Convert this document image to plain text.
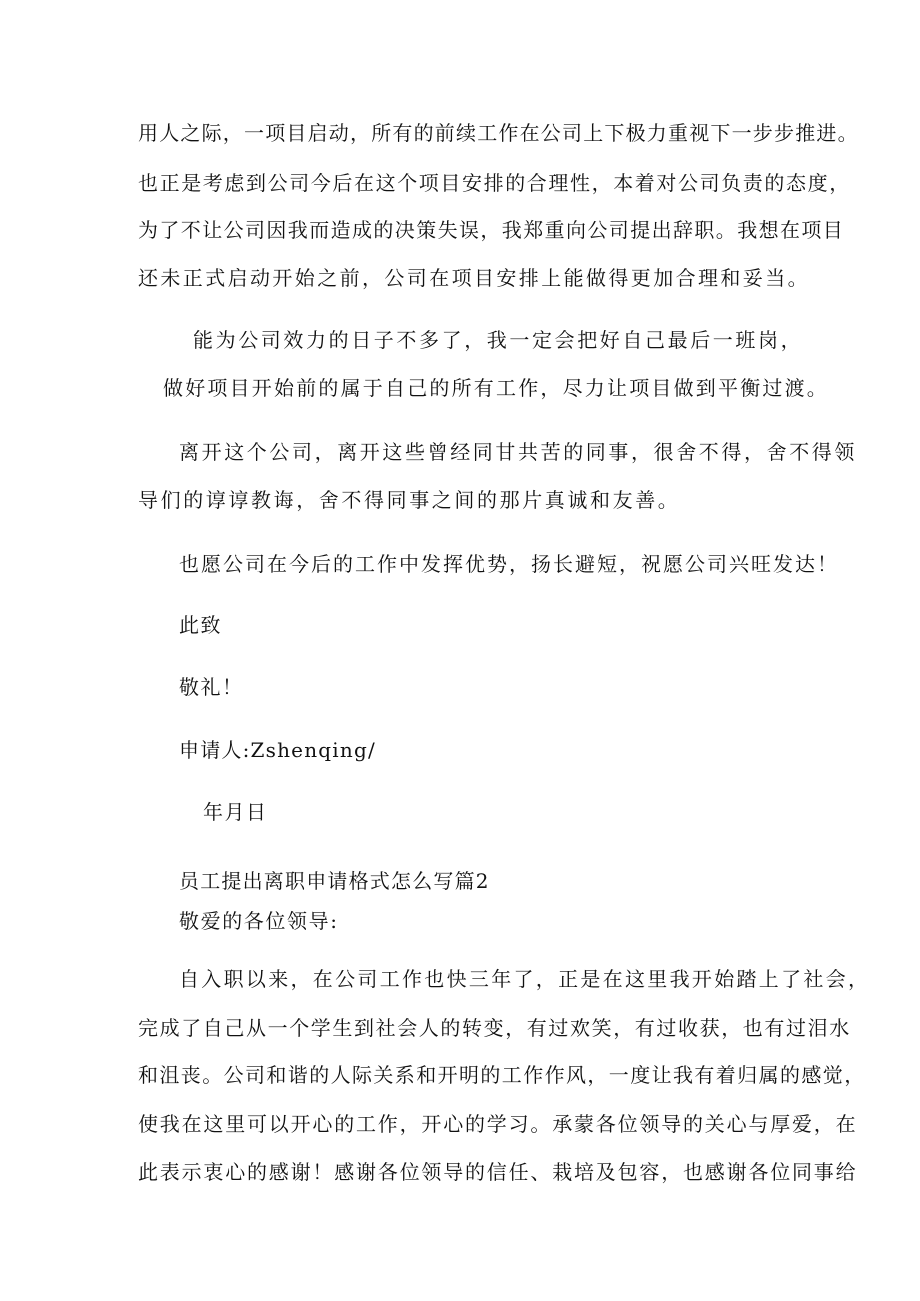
用人之际，一项目启动，所有的前续工作在公司上下极力重视下一步步推进。
也正是考虑到公司今后在这个项目安排的合理性，本着对公司负责的态度，
为了不让公司因我而造成的决策失误，我郑重向公司提出辞职。我想在项目
还未正式启动开始之前，公司在项目安排上能做得更加合理和妥当。
能为公司效力的日子不多了，我一定会把好自己最后一班岗，
做好项目开始前的属于自己的所有工作，尽力让项目做到平衡过渡。
离开这个公司，离开这些曾经同甘共苦的同事，很舍不得，舍不得领
导们的谆谆教诲，舍不得同事之间的那片真诚和友善。
也愿公司在今后的工作中发挥优势，扬长避短，祝愿公司兴旺发达！
此致
敬礼！
申请人:Zshenqing/
年月日
员工提出离职申请格式怎么写篇2
敬爱的各位领导:
自入职以来，在公司工作也快三年了，正是在这里我开始踏上了社会，
完成了自己从一个学生到社会人的转变，有过欢笑，有过收获，也有过泪水
和沮丧。公司和谐的人际关系和开明的工作作风，一度让我有着归属的感觉，
使我在这里可以开心的工作，开心的学习。承蒙各位领导的关心与厚爱，在
此表示衷心的感谢！感谢各位领导的信任、栽培及包容，也感谢各位同事给
